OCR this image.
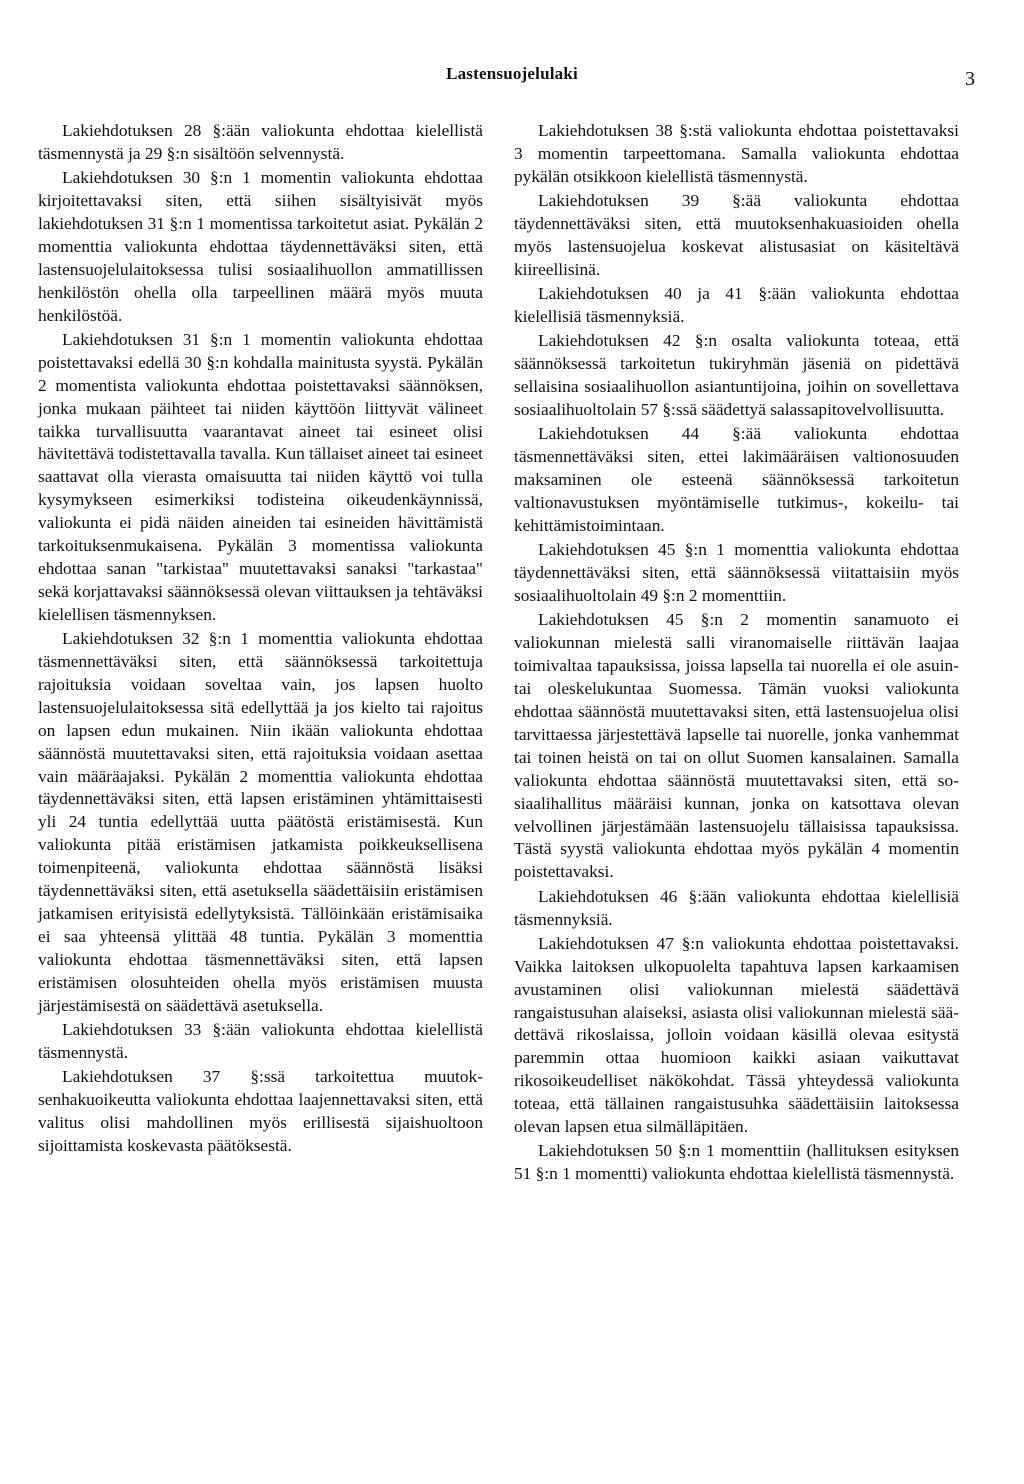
Lastensuojelulaki	3

Lakiehdotuksen 28 §:ään valiokunta ehdottaa kielellistä täsmennystä ja 29 §:n sisältöön selvennystä.

Lakiehdotuksen 30 §:n 1 momentin valiokunta ehdottaa kirjoitettavaksi siten, että siihen sisältyisivät myös lakiehdotuksen 31 §:n 1 momentissa tarkoitetut asiat. Pykälän 2 momenttia valiokunta ehdottaa täydennettäväksi siten, että lastensuojelulaitoksessa tulisi sosiaalihuollon ammatillissen henkilöstön ohella olla tarpeellinen määrä myös muuta henkilöstöä.

Lakiehdotuksen 31 §:n 1 momentin valiokunta ehdottaa poistettavaksi edellä 30 §:n kohdalla mainitusta syystä. Pykälän 2 momentista valiokunta ehdottaa poistettavaksi säännöksen, jonka mukaan päihteet tai niiden käyttöön liittyvät välineet taikka turvallisuutta vaarantavat aineet tai esineet olisi hävitettävä todistettavalla tavalla. Kun tällaiset aineet tai esineet saattavat olla vierasta omaisuutta tai niiden käyttö voi tulla kysymykseen esimerkiksi todisteina oikeudenkäynnissä, valiokunta ei pidä näiden aineiden tai esineiden hävittämistä tarkoituksenmukaisena. Pykälän 3 momentissa valiokunta ehdottaa sanan "tarkistaa" muutettavaksi sanaksi "tarkastaa" sekä korjattavaksi säännöksessä olevan viittauksen ja tehtäväksi kielellisen täsmennyksen.

Lakiehdotuksen 32 §:n 1 momenttia valiokunta ehdottaa täsmennettäväksi siten, että säännöksessä tarkoitettuja rajoituksia voidaan soveltaa vain, jos lapsen huolto lastensuojelulaitoksessa sitä edellyttää ja jos kielto tai rajoitus on lapsen edun mukainen. Niin ikään valiokunta ehdottaa säännöstä muutettavaksi siten, että rajoituksia voidaan asettaa vain määräajaksi. Pykälän 2 momenttia valiokunta ehdottaa täydennettäväksi siten, että lapsen eristäminen yhtämittaisesti yli 24 tuntia edellyttää uutta päätöstä eristämisestä. Kun valiokunta pitää eristämisen jatkamista poikkeuksellisena toimenpiteenä, valiokunta ehdottaa säännöstä lisäksi täydennettäväksi siten, että asetuksella säädettäisiin eristämisen jatkamisen erityisistä edellytyksistä. Tällöinkään eristämisaika ei saa yhteensä ylittää 48 tuntia. Pykälän 3 momenttia valiokunta ehdottaa täsmennettäväksi siten, että lapsen eristämisen olosuhteiden ohella myös eristämisen muusta järjestämisestä on säädettävä asetuksella.

Lakiehdotuksen 33 §:ään valiokunta ehdottaa kielellistä täsmennystä.

Lakiehdotuksen 37 §:ssä tarkoitettua muutoksenhakuoikeutta valiokunta ehdottaa laajennettavaksi siten, että valitus olisi mahdollinen myös erillisestä sijaishuoltoon sijoittamista koskevasta päätöksestä.

Lakiehdotuksen 38 §:stä valiokunta ehdottaa poistettavaksi 3 momentin tarpeettomana. Samalla valiokunta ehdottaa pykälän otsikkoon kielellistä täsmennystä.

Lakiehdotuksen 39 §:ää valiokunta ehdottaa täydennettäväksi siten, että muutoksenhakuasioiden ohella myös lastensuojelua koskevat alistusasiat on käsiteltävä kiireellisinä.

Lakiehdotuksen 40 ja 41 §:ään valiokunta ehdottaa kielellisiä täsmennyksiä.

Lakiehdotuksen 42 §:n osalta valiokunta toteaa, että säännöksessä tarkoitetun tukiryhmän jäseniä on pidettävä sellaisina sosiaalihuollon asiantuntijoina, joihin on sovellettava sosiaalihuoltolain 57 §:ssä säädettyä salassapitovelvollisuutta.

Lakiehdotuksen 44 §:ää valiokunta ehdottaa täsmennettäväksi siten, ettei lakimääräisen valtionosuuden maksaminen ole esteenä säännöksessä tarkoitetun valtionavustuksen myöntämiselle tutkimus-, kokeilu- tai kehittämistoimintaan.

Lakiehdotuksen 45 §:n 1 momenttia valiokunta ehdottaa täydennettäväksi siten, että säännöksessä viitattaisiin myös sosiaalihuoltolain 49 §:n 2 momenttiin.

Lakiehdotuksen 45 §:n 2 momentin sanamuoto ei valiokunnan mielestä salli viranomaiselle riittävän laajaa toimivaltaa tapauksissa, joissa lapsella tai nuorella ei ole asuin- tai oleskelukuntaa Suomessa. Tämän vuoksi valiokunta ehdottaa säännöstä muutettavaksi siten, että lastensuojelua olisi tarvittaessa järjestettävä lapselle tai nuorelle, jonka vanhemmat tai toinen heistä on tai on ollut Suomen kansalainen. Samalla valiokunta ehdottaa säännöstä muutettavaksi siten, että sosiaalihallitus määräisi kunnan, jonka on katsottava olevan velvollinen järjestämään lastensuojelu tällaisissa tapauksissa. Tästä syystä valiokunta ehdottaa myös pykälän 4 momentin poistettavaksi.

Lakiehdotuksen 46 §:ään valiokunta ehdottaa kielellisiä täsmennyksiä.

Lakiehdotuksen 47 §:n valiokunta ehdottaa poistettavaksi. Vaikka laitoksen ulkopuolelta tapahtuva lapsen karkaamisen avustaminen olisi valiokunnan mielestä säädettävä rangaistusuhan alaiseksi, asiasta olisi valiokunnan mielestä säädettävä rikoslaissa, jolloin voidaan käsillä olevaa esitystä paremmin ottaa huomioon kaikki asiaan vaikuttavat rikosoikeudelliset näkökohdat. Tässä yhteydessä valiokunta toteaa, että tällainen rangaistusuhka säädettäisiin laitoksessa olevan lapsen etua silmälläpitäen.

Lakiehdotuksen 50 §:n 1 momenttiin (hallituksen esityksen 51 §:n 1 momentti) valiokunta ehdottaa kielellistä täsmennystä.
